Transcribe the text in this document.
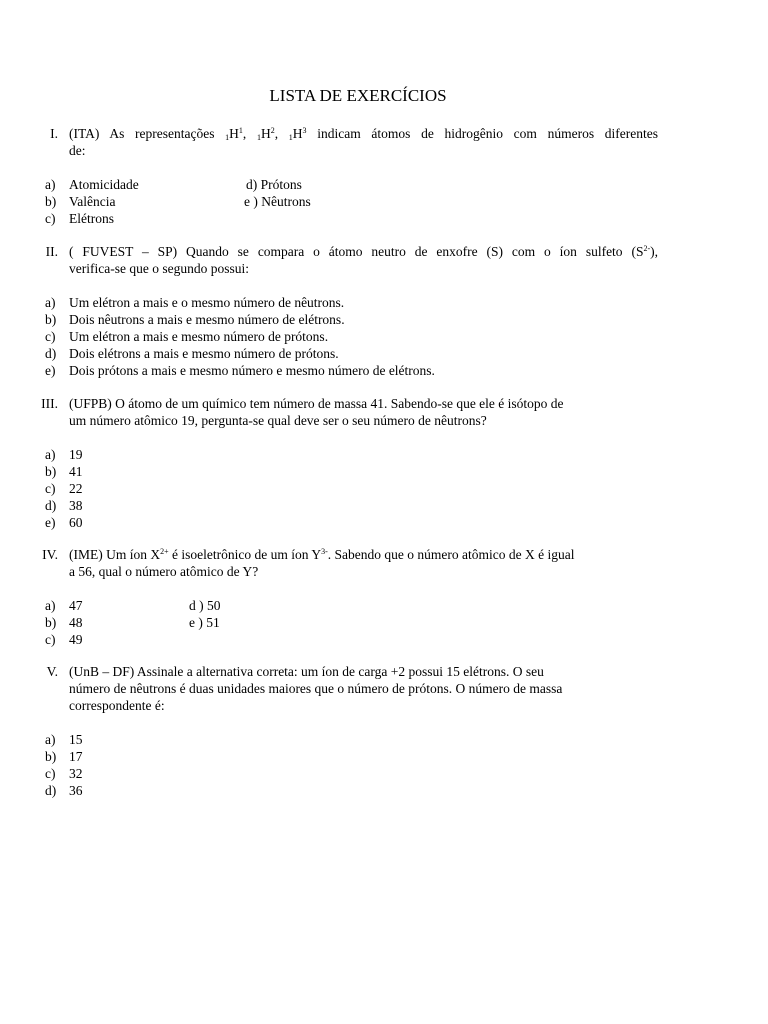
LISTA DE EXERCÍCIOS
I. (ITA) As representações $_1H^1$, $_1H^2$, $_1H^3$ indicam átomos de hidrogênio com números diferentes
de:
a)	Atomicidade	d) Prótons
b) Valência	e ) Nêutrons
c)	Elétrons
II. ( FUVEST – SP) Quando se compara o átomo neutro de enxofre (S) com o íon sulfeto $(S^{2-})$,
verifica-se que o segundo possui:
a)	Um elétron a mais e o mesmo número de nêutrons.
b) Dois nêutrons a mais e mesmo número de elétrons.
c)	Um elétron a mais e mesmo número de prótons.
d) Dois elétrons a mais e mesmo número de prótons.
e)	Dois prótons a mais e mesmo número e mesmo número de elétrons.
III. (UFPB) O átomo de um químico tem número de massa 41. Sabendo-se que ele é isótopo de
um número atômico 19, pergunta-se qual deve ser o seu número de nêutrons?
a)	19
b) 41
c)	22
d) 38
e)	60
IV. (IME) Um íon $X^{2+}$ é isoeletrônico de um íon $Y^{3-}$. Sabendo que o número atômico de X é igual
a 56, qual o número atômico de Y?
a)	47	d ) 50
b) 48	e ) 51
c)	49
V. (UnB – DF) Assinale a alternativa correta: um íon de carga +2 possui 15 elétrons. O seu
número de nêutrons é duas unidades maiores que o número de prótons. O número de massa
correspondente é:
a)	15
b) 17
c)	32
d) 36
